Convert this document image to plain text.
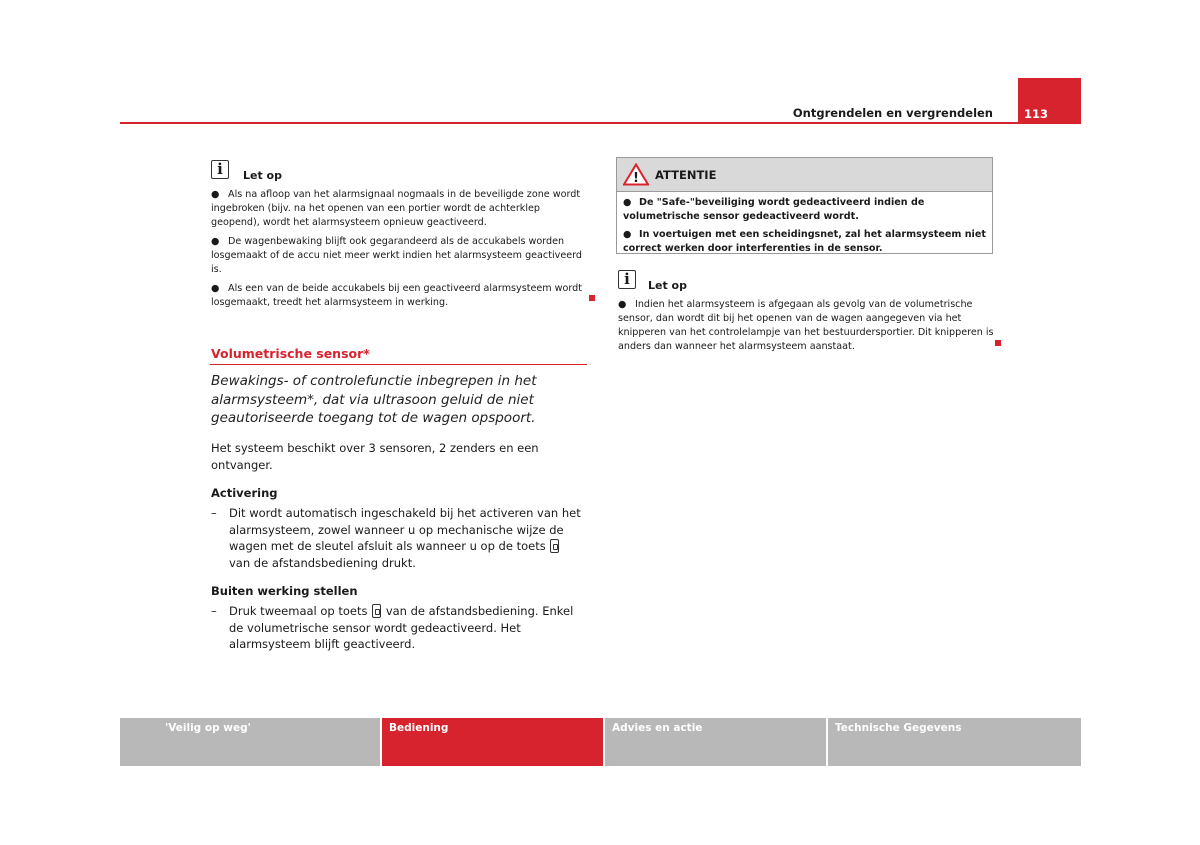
Ontgrendelen en vergrendelen	113
i Let op

● Als na afloop van het alarmsignaal nogmaals in de beveiligde zone wordt ingebroken (bijv. na het openen van een portier wordt de achterklep geopend), wordt het alarmsysteem opnieuw geactiveerd.

● De wagenbewaking blijft ook gegarandeerd als de accukabels worden losgemaakt of de accu niet meer werkt indien het alarmsysteem geactiveerd is.

● Als een van de beide accukabels bij een geactiveerd alarmsysteem wordt losgemaakt, treedt het alarmsysteem in werking.

Volumetrische sensor*
Bewakings- of controlefunctie inbegrepen in het alarmsysteem*, dat via ultrasoon geluid de niet geautoriseerde toegang tot de wagen opspoort.
Het systeem beschikt over 3 sensoren, 2 zenders en een ontvanger.
Activering
–	Dit wordt automatisch ingeschakeld bij het activeren van het alarmsysteem, zowel wanneer u op mechanische wijze de wagen met de sleutel afsluit als wanneer u op de toets  van de afstandsbediening drukt.
Buiten werking stellen
–	Druk tweemaal op toets van de afstandsbediening. Enkel de volumetrische sensor wordt gedeactiveerd. Het alarmsysteem blijft geactiveerd.
! ATTENTIE

● De "Safe-"beveiliging wordt gedeactiveerd indien de volumetrische sensor gedeactiveerd wordt.

● In voertuigen met een scheidingsnet, zal het alarmsysteem niet correct werken door interferenties in de sensor.

i Let op

● Indien het alarmsysteem is afgegaan als gevolg van de volumetrische sensor, dan wordt dit bij het openen van de wagen aangegeven via het knipperen van het controlelampje van het bestuurdersportier. Dit knipperen is anders dan wanneer het alarmsysteem aanstaat.

'Veilig op weg'	Bediening	Advies en actie	Technische Gegevens
